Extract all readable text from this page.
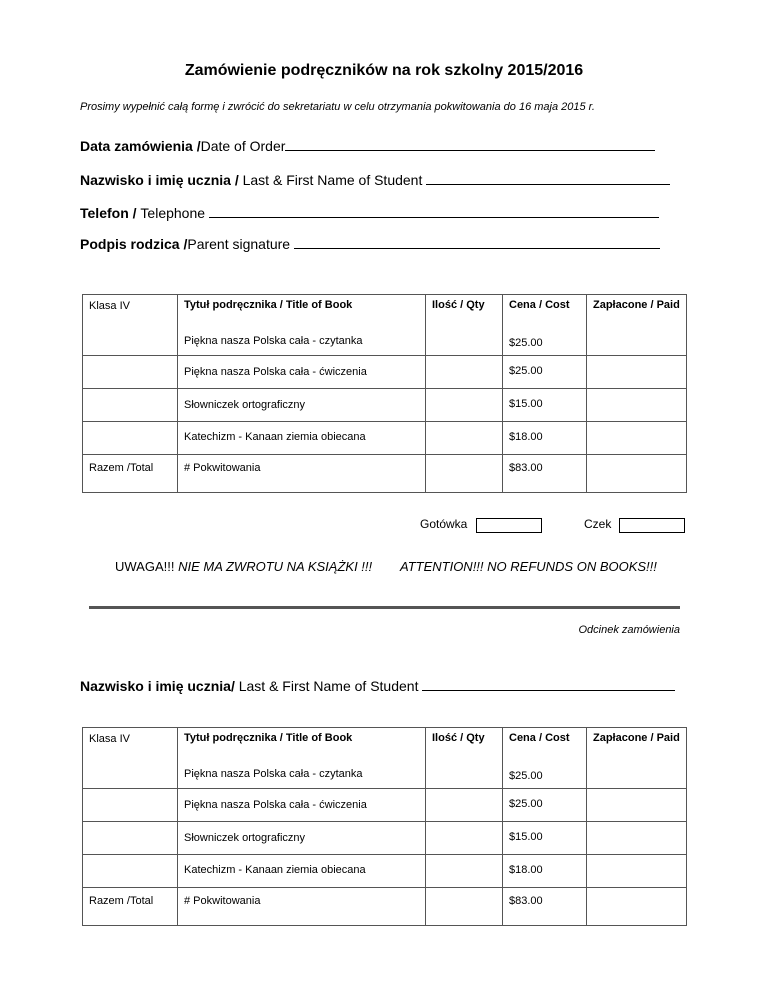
Zamówienie podręczników na rok szkolny 2015/2016
Prosimy wypełnić całą formę i zwrócić do sekretariatu w celu otrzymania pokwitowania do 16 maja 2015 r.
Data zamówienia /Date of Order
Nazwisko i imię ucznia / Last & First Name of Student
Telefon / Telephone
Podpis rodzica /Parent signature
Klasa IV	Tytuł podręcznika / Title of Book	Ilość / Qty	Cena / Cost	Zapłacone / Paid
	Piękna nasza Polska cała - czytanka		$25.00	
	Piękna nasza Polska cała - ćwiczenia		$25.00	
	Słowniczek ortograficzny		$15.00	
	Katechizm - Kanaan ziemia obiecana		$18.00	
Razem /Total	# Pokwitowania		$83.00	
Gotówka	Czek
UWAGA!!! NIE MA ZWROTU NA KSIĄŻKI !!! ATTENTION!!! NO REFUNDS ON BOOKS!!!
Odcinek zamówienia
Nazwisko i imię ucznia/ Last & First Name of Student
Klasa IV	Tytuł podręcznika / Title of Book	Ilość / Qty	Cena / Cost	Zapłacone / Paid
	Piękna nasza Polska cała - czytanka		$25.00	
	Piękna nasza Polska cała - ćwiczenia		$25.00	
	Słowniczek ortograficzny		$15.00	
	Katechizm - Kanaan ziemia obiecana		$18.00	
Razem /Total	# Pokwitowania		$83.00	
